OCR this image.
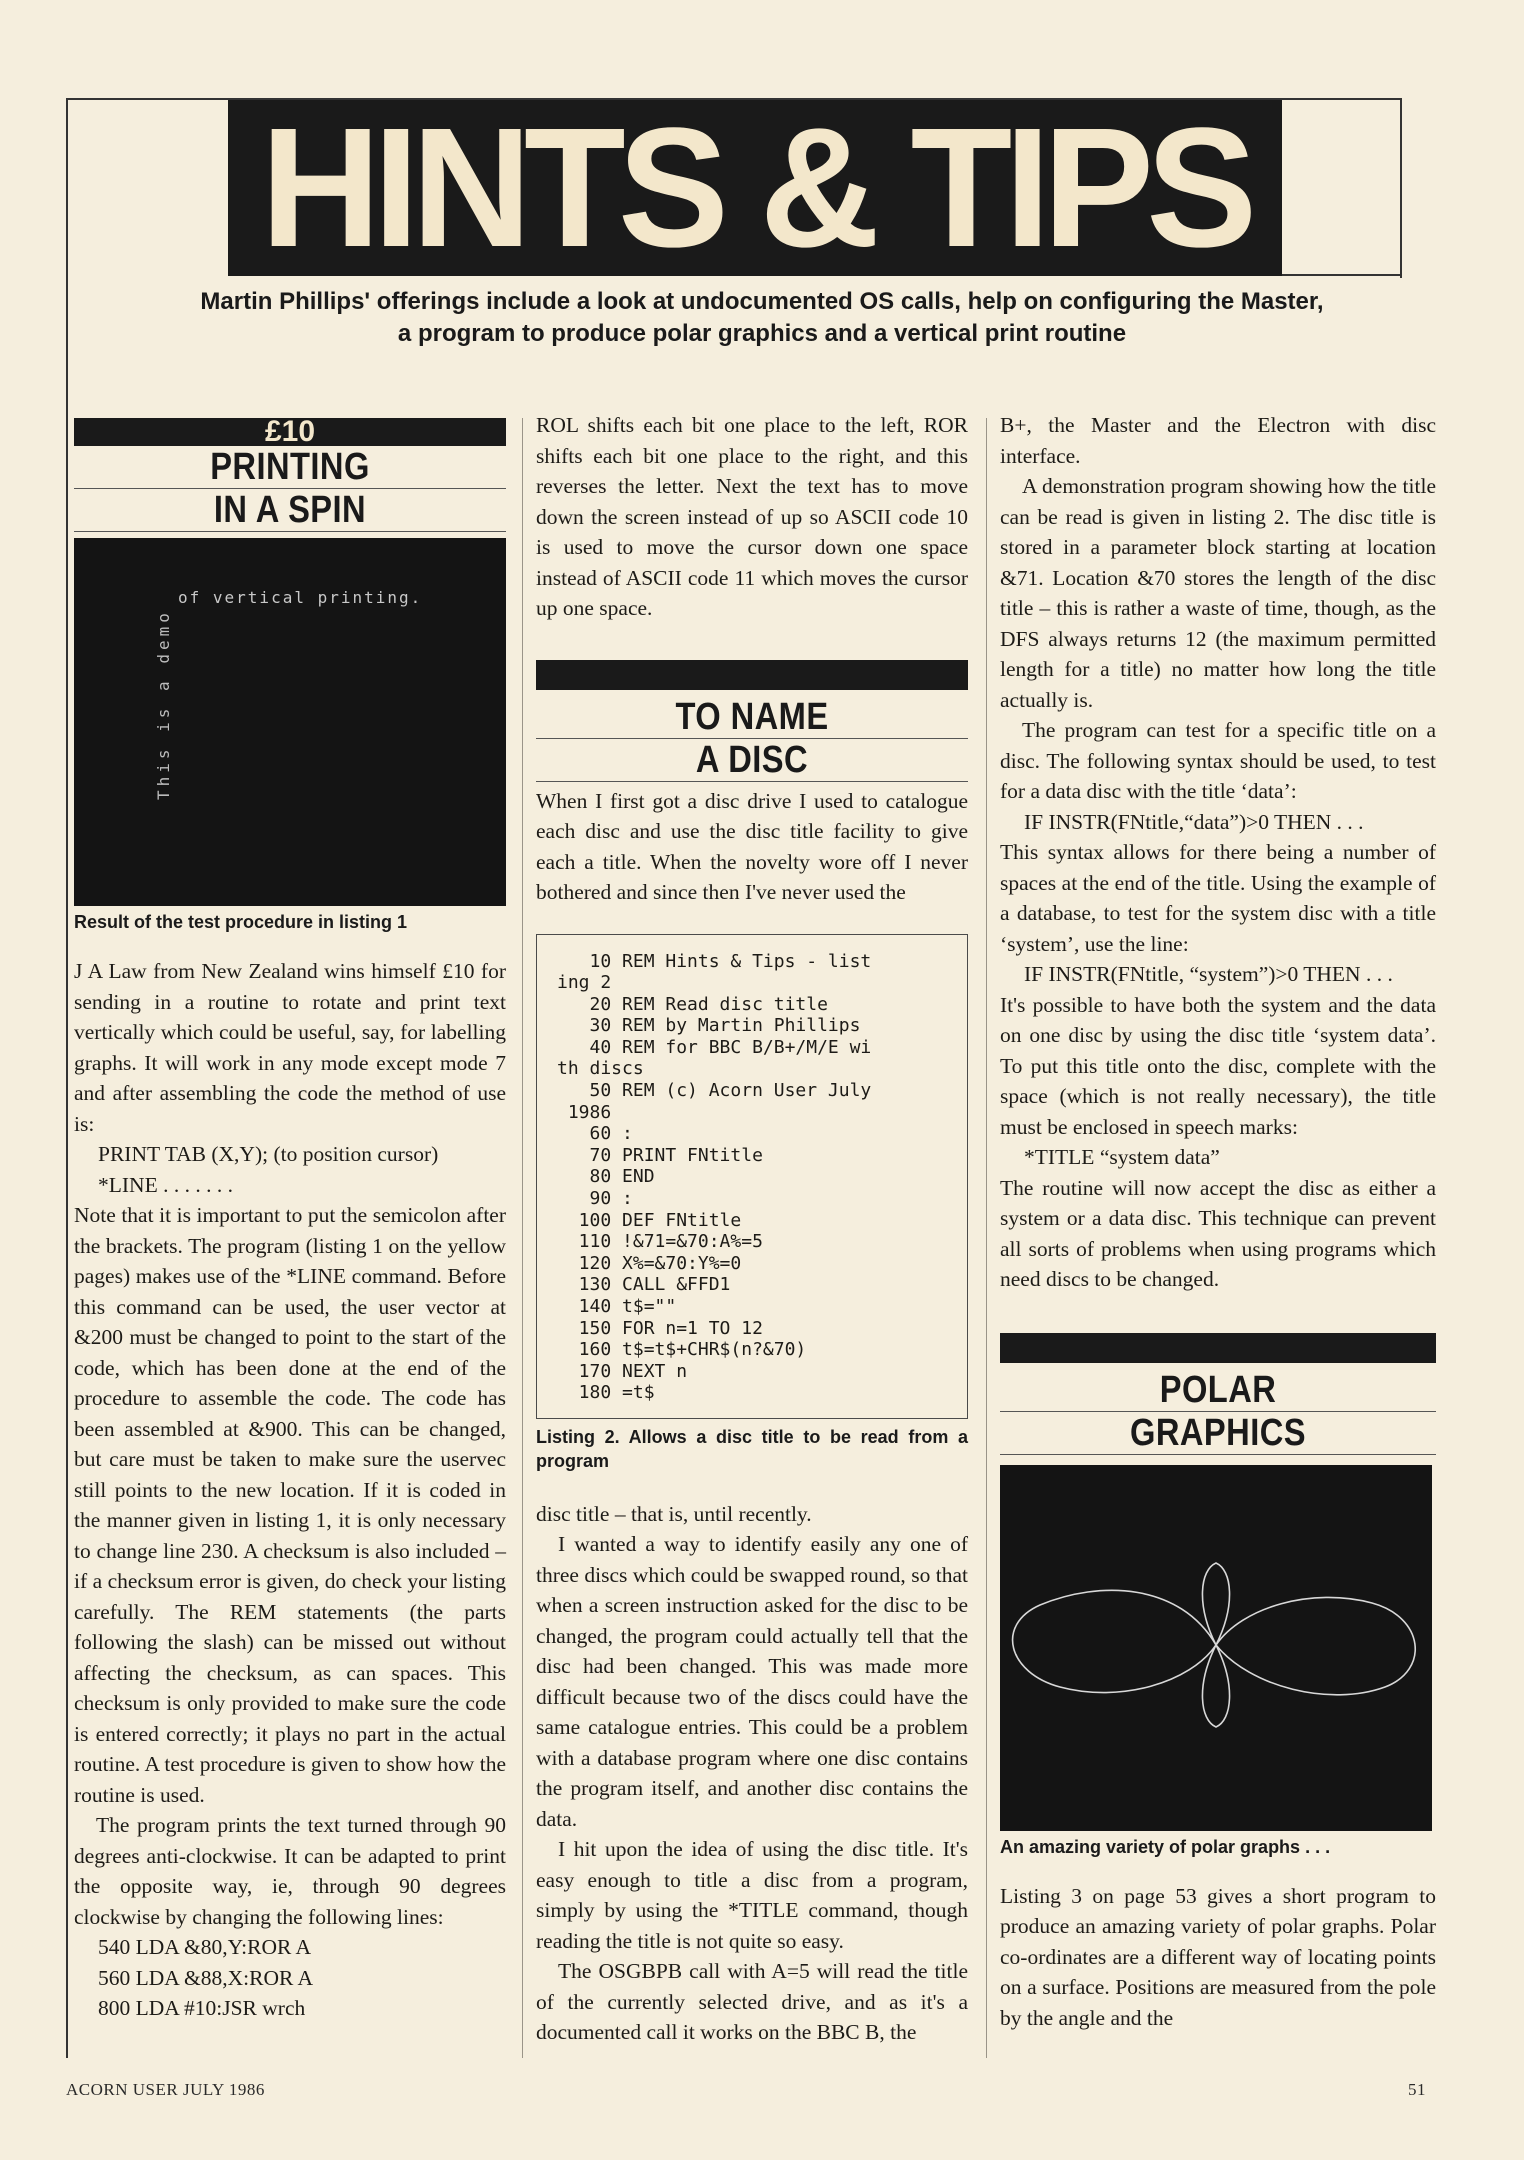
HINTS & TIPS
Martin Phillips' offerings include a look at undocumented OS calls, help on configuring the Master,
a program to produce polar graphics and a vertical print routine
£10
PRINTING
IN A SPIN
of vertical printing.
This is a demo
Result of the test procedure in listing 1

J A Law from New Zealand wins himself £10 for sending in a routine to rotate and print text vertically which could be useful, say, for labelling graphs. It will work in any mode except mode 7 and after assembling the code the method of use is:

PRINT TAB (X,Y); (to position cursor)

*LINE . . . . . . .

Note that it is important to put the semicolon after the brackets. The program (listing 1 on the yellow pages) makes use of the *LINE command. Before this command can be used, the user vector at &200 must be changed to point to the start of the code, which has been done at the end of the procedure to assemble the code. The code has been assembled at &900. This can be changed, but care must be taken to make sure the uservec still points to the new location. If it is coded in the manner given in listing 1, it is only necessary to change line 230. A checksum is also included – if a checksum error is given, do check your listing carefully. The REM statements (the parts following the slash) can be missed out without affecting the checksum, as can spaces. This checksum is only provided to make sure the code is entered correctly; it plays no part in the actual routine. A test procedure is given to show how the routine is used.

The program prints the text turned through 90 degrees anti-clockwise. It can be adapted to print the opposite way, ie, through 90 degrees clockwise by changing the following lines:

540 LDA &80,Y:ROR A

560 LDA &88,X:ROR A

800 LDA #10:JSR wrch

ROL shifts each bit one place to the left, ROR shifts each bit one place to the right, and this reverses the letter. Next the text has to move down the screen instead of up so ASCII code 10 is used to move the cursor down one space instead of ASCII code 11 which moves the cursor up one space.

TO NAME
A DISC

When I first got a disc drive I used to catalogue each disc and use the disc title facility to give each a title. When the novelty wore off I never bothered and since then I've never used the

10 REM Hints & Tips - list
ing 2
20 REM Read disc title
30 REM by Martin Phillips
40 REM for BBC B/B+/M/E wi
th discs
50 REM (c) Acorn User July
1986
60 :
70 PRINT FNtitle
80 END
90 :
100 DEF FNtitle
110 !&71=&70:A%=5
120 X%=&70:Y%=0
130 CALL &FFD1
140 t$=""
150 FOR n=1 TO 12
160 t$=t$+CHR$(n?&70)
170 NEXT n
180 =t$
Listing 2. Allows a disc title to be read from a program

disc title – that is, until recently.

I wanted a way to identify easily any one of three discs which could be swapped round, so that when a screen instruction asked for the disc to be changed, the program could actually tell that the disc had been changed. This was made more difficult because two of the discs could have the same catalogue entries. This could be a problem with a database program where one disc contains the program itself, and another disc contains the data.

I hit upon the idea of using the disc title. It's easy enough to title a disc from a program, simply by using the *TITLE command, though reading the title is not quite so easy.

The OSGBPB call with A=5 will read the title of the currently selected drive, and as it's a documented call it works on the BBC B, the

B+, the Master and the Electron with disc interface.

A demonstration program showing how the title can be read is given in listing 2. The disc title is stored in a parameter block starting at location &71. Location &70 stores the length of the disc title – this is rather a waste of time, though, as the DFS always returns 12 (the maximum permitted length for a title) no matter how long the title actually is.

The program can test for a specific title on a disc. The following syntax should be used, to test for a data disc with the title ‘data’:

IF INSTR(FNtitle,“data”)>0 THEN . . .

This syntax allows for there being a number of spaces at the end of the title. Using the example of a database, to test for the system disc with a title ‘system’, use the line:

IF INSTR(FNtitle, “system”)>0 THEN . . .

It's possible to have both the system and the data on one disc by using the disc title ‘system data’. To put this title onto the disc, complete with the space (which is not really necessary), the title must be enclosed in speech marks:

*TITLE “system data”

The routine will now accept the disc as either a system or a data disc. This technique can prevent all sorts of problems when using programs which need discs to be changed.

POLAR
GRAPHICS
An amazing variety of polar graphs . . .

Listing 3 on page 53 gives a short program to produce an amazing variety of polar graphs. Polar co-ordinates are a different way of locating points on a surface. Positions are measured from the pole by the angle and the

ACORN USER JULY 1986	51
